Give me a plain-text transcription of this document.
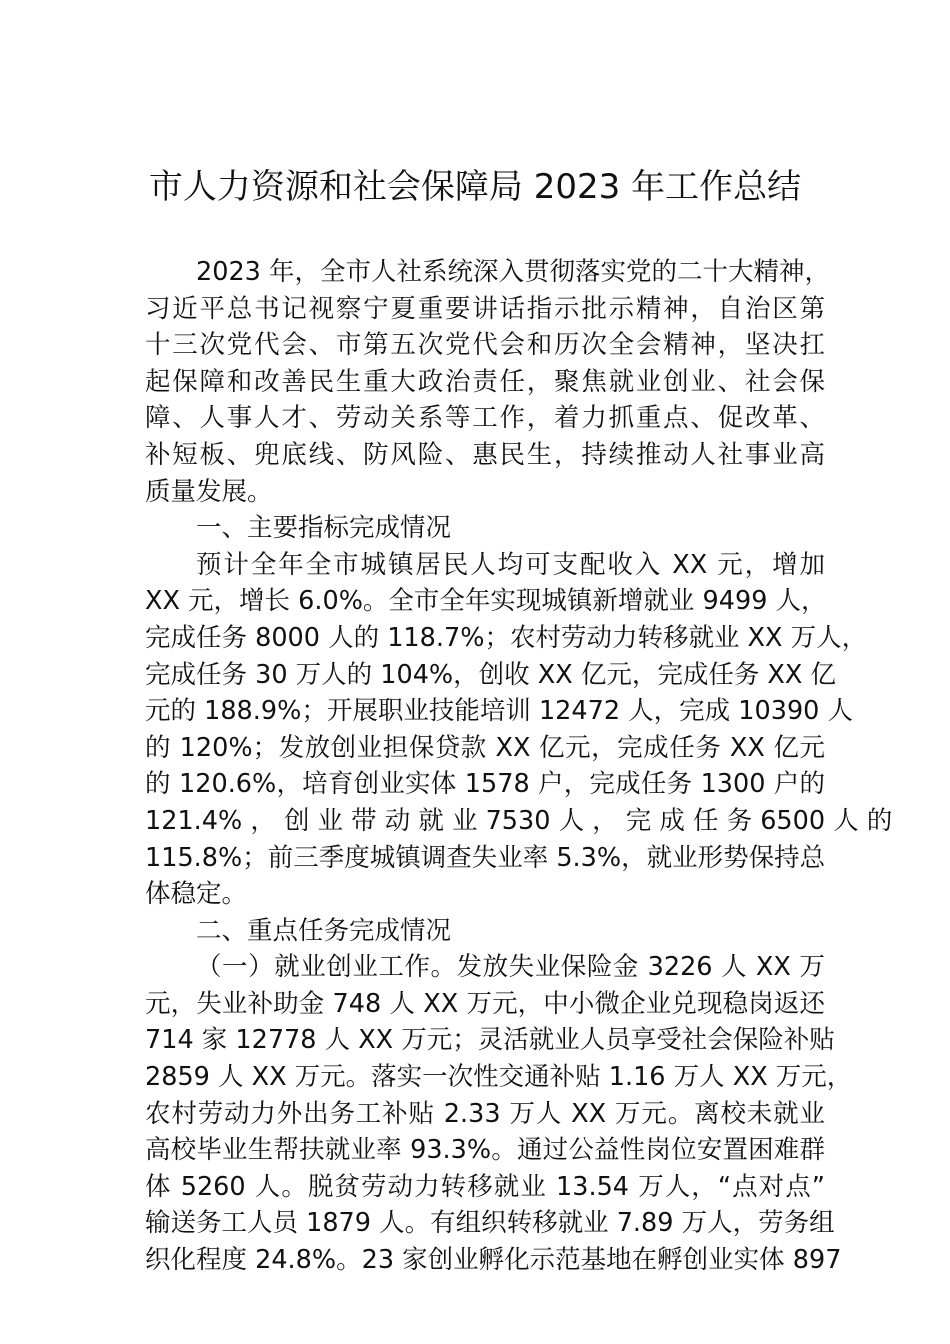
市人力资源和社会保障局 2023 年工作总结
2023 年，全市人社系统深入贯彻落实党的二十大精神，
习近平总书记视察宁夏重要讲话指示批示精神，自治区第
十三次党代会、市第五次党代会和历次全会精神，坚决扛
起保障和改善民生重大政治责任，聚焦就业创业、社会保
障、人事人才、劳动关系等工作，着力抓重点、促改革、
补短板、兜底线、防风险、惠民生，持续推动人社事业高
质量发展。
一、主要指标完成情况
预计全年全市城镇居民人均可支配收入 XX 元，增加
XX 元，增长 6.0%。全市全年实现城镇新增就业 9499 人，
完成任务 8000 人的 118.7%；农村劳动力转移就业 XX 万人，
完成任务 30 万人的 104%，创收 XX 亿元，完成任务 XX 亿
元的 188.9%；开展职业技能培训 12472 人，完成 10390 人
的 120%；发放创业担保贷款 XX 亿元，完成任务 XX 亿元
的 120.6%，培育创业实体 1578 户，完成任务 1300 户的
121.4% ， 创 业 带 动 就 业 7530 人 ， 完 成 任 务 6500 人 的
115.8%；前三季度城镇调查失业率 5.3%，就业形势保持总
体稳定。
二、重点任务完成情况
（一）就业创业工作。发放失业保险金 3226 人 XX 万
元，失业补助金 748 人 XX 万元，中小微企业兑现稳岗返还
714 家 12778 人 XX 万元；灵活就业人员享受社会保险补贴
2859 人 XX 万元。落实一次性交通补贴 1.16 万人 XX 万元，
农村劳动力外出务工补贴 2.33 万人 XX 万元。离校未就业
高校毕业生帮扶就业率 93.3%。通过公益性岗位安置困难群
体 5260 人。脱贫劳动力转移就业 13.54 万人，“点对点”
输送务工人员 1879 人。有组织转移就业 7.89 万人，劳务组
织化程度 24.8%。23 家创业孵化示范基地在孵创业实体 897
